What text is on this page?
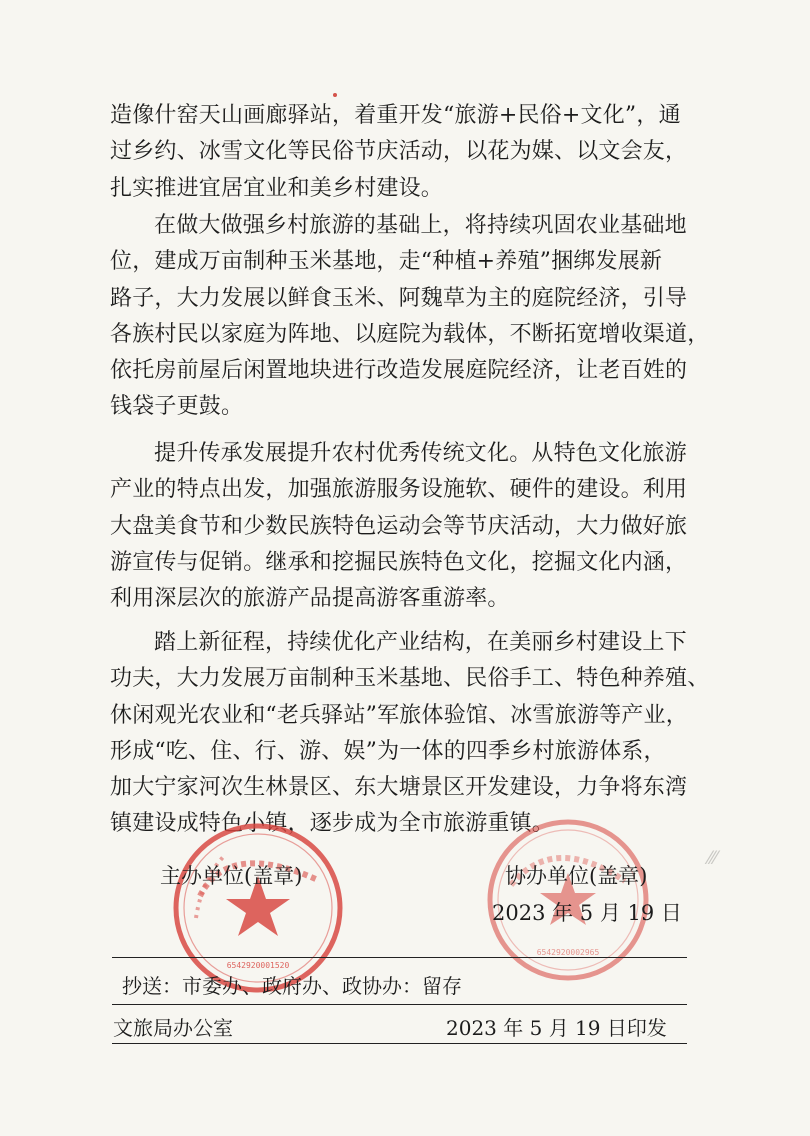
造像什窑天山画廊驿站，着重开发“旅游+民俗+文化”，通
过乡约、冰雪文化等民俗节庆活动，以花为媒、以文会友，
扎实推进宜居宜业和美乡村建设。
在做大做强乡村旅游的基础上，将持续巩固农业基础地
位，建成万亩制种玉米基地，走“种植+养殖”捆绑发展新
路子，大力发展以鲜食玉米、阿魏草为主的庭院经济，引导
各族村民以家庭为阵地、以庭院为载体，不断拓宽增收渠道，
依托房前屋后闲置地块进行改造发展庭院经济，让老百姓的
钱袋子更鼓。
提升传承发展提升农村优秀传统文化。从特色文化旅游
产业的特点出发，加强旅游服务设施软、硬件的建设。利用
大盘美食节和少数民族特色运动会等节庆活动，大力做好旅
游宣传与促销。继承和挖掘民族特色文化，挖掘文化内涵，
利用深层次的旅游产品提高游客重游率。
踏上新征程，持续优化产业结构，在美丽乡村建设上下
功夫，大力发展万亩制种玉米基地、民俗手工、特色种养殖、
休闲观光农业和“老兵驿站”军旅体验馆、冰雪旅游等产业，
形成“吃、住、行、游、娱”为一体的四季乡村旅游体系，
加大宁家河次生林景区、东大塘景区开发建设，力争将东湾
镇建设成特色小镇，逐步成为全市旅游重镇。
6542920001520
6542920002965
主办单位(盖章)	协办单位(盖章)
2023 年 5 月 19 日
⁄⁄⁄
抄送：市委办、政府办、政协办：留存
文旅局办公室	2023 年 5 月 19 日印发
